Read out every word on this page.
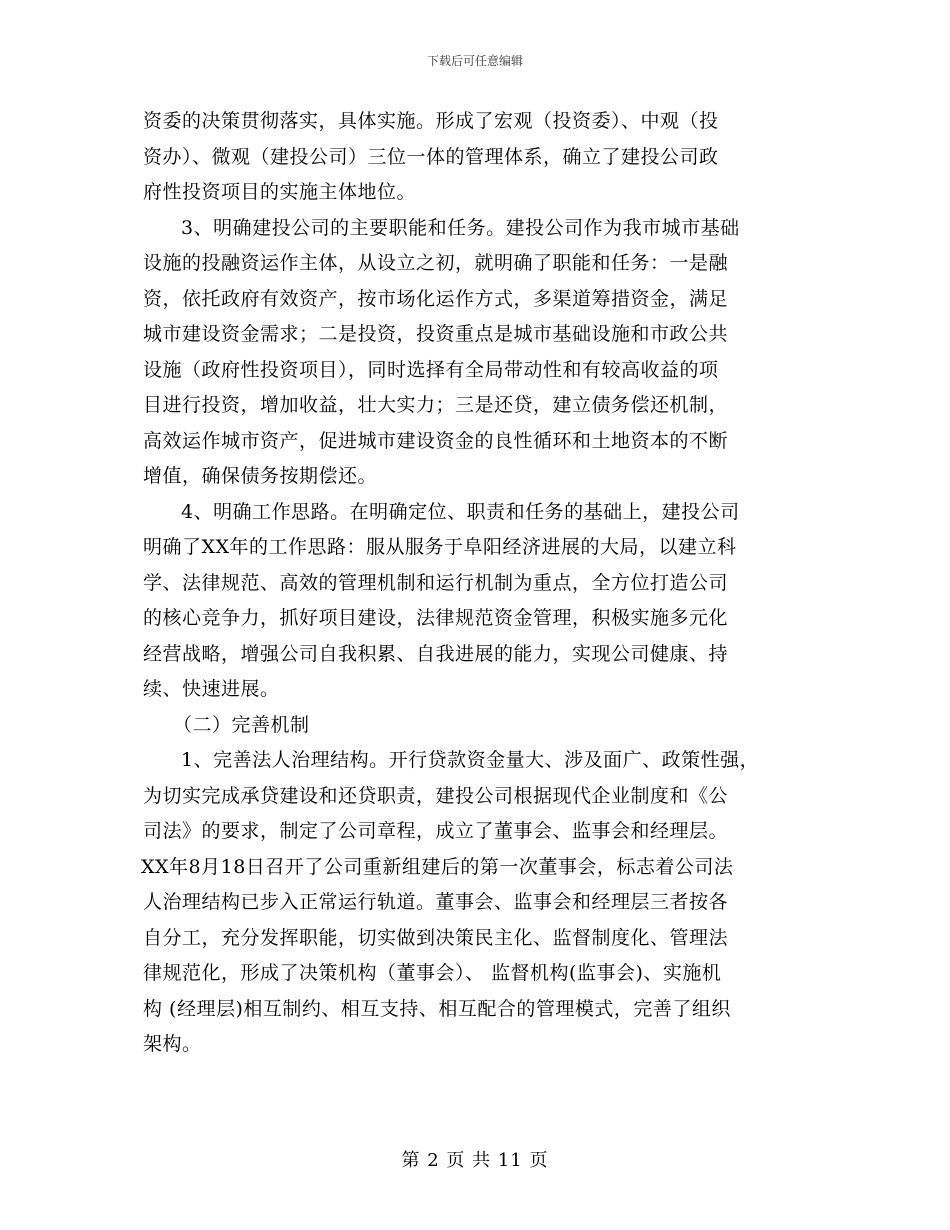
下载后可任意编辑
资委的决策贯彻落实，具体实施。形成了宏观（投资委）、中观（投
资办）、微观（建投公司）三位一体的管理体系，确立了建投公司政
府性投资项目的实施主体地位。
3、明确建投公司的主要职能和任务。建投公司作为我市城市基础
设施的投融资运作主体，从设立之初，就明确了职能和任务：一是融
资，依托政府有效资产，按市场化运作方式，多渠道筹措资金，满足
城市建设资金需求；二是投资，投资重点是城市基础设施和市政公共
设施（政府性投资项目），同时选择有全局带动性和有较高收益的项
目进行投资，增加收益，壮大实力；三是还贷，建立债务偿还机制，
高效运作城市资产，促进城市建设资金的良性循环和土地资本的不断
增值，确保债务按期偿还。
4、明确工作思路。在明确定位、职责和任务的基础上，建投公司
明确了XX年的工作思路：服从服务于阜阳经济进展的大局，以建立科
学、法律规范、高效的管理机制和运行机制为重点，全方位打造公司
的核心竞争力，抓好项目建设，法律规范资金管理，积极实施多元化
经营战略，增强公司自我积累、自我进展的能力，实现公司健康、持
续、快速进展。
（二）完善机制
1、完善法人治理结构。开行贷款资金量大、涉及面广、政策性强，
为切实完成承贷建设和还贷职责，建投公司根据现代企业制度和《公
司法》的要求，制定了公司章程，成立了董事会、监事会和经理层。
XX年8月18日召开了公司重新组建后的第一次董事会，标志着公司法
人治理结构已步入正常运行轨道。董事会、监事会和经理层三者按各
自分工，充分发挥职能，切实做到决策民主化、监督制度化、管理法
律规范化，形成了决策机构（董事会）、 监督机构(监事会)、实施机
构 (经理层)相互制约、相互支持、相互配合的管理模式，完善了组织
架构。
第 2 页 共 11 页
